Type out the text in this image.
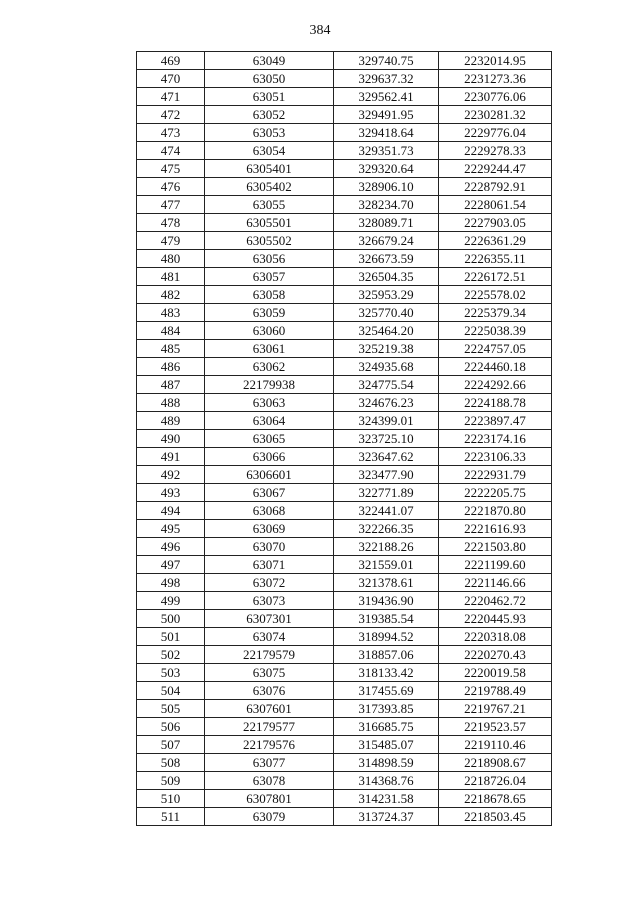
384
469	63049	329740.75	2232014.95
470	63050	329637.32	2231273.36
471	63051	329562.41	2230776.06
472	63052	329491.95	2230281.32
473	63053	329418.64	2229776.04
474	63054	329351.73	2229278.33
475	6305401	329320.64	2229244.47
476	6305402	328906.10	2228792.91
477	63055	328234.70	2228061.54
478	6305501	328089.71	2227903.05
479	6305502	326679.24	2226361.29
480	63056	326673.59	2226355.11
481	63057	326504.35	2226172.51
482	63058	325953.29	2225578.02
483	63059	325770.40	2225379.34
484	63060	325464.20	2225038.39
485	63061	325219.38	2224757.05
486	63062	324935.68	2224460.18
487	22179938	324775.54	2224292.66
488	63063	324676.23	2224188.78
489	63064	324399.01	2223897.47
490	63065	323725.10	2223174.16
491	63066	323647.62	2223106.33
492	6306601	323477.90	2222931.79
493	63067	322771.89	2222205.75
494	63068	322441.07	2221870.80
495	63069	322266.35	2221616.93
496	63070	322188.26	2221503.80
497	63071	321559.01	2221199.60
498	63072	321378.61	2221146.66
499	63073	319436.90	2220462.72
500	6307301	319385.54	2220445.93
501	63074	318994.52	2220318.08
502	22179579	318857.06	2220270.43
503	63075	318133.42	2220019.58
504	63076	317455.69	2219788.49
505	6307601	317393.85	2219767.21
506	22179577	316685.75	2219523.57
507	22179576	315485.07	2219110.46
508	63077	314898.59	2218908.67
509	63078	314368.76	2218726.04
510	6307801	314231.58	2218678.65
511	63079	313724.37	2218503.45
